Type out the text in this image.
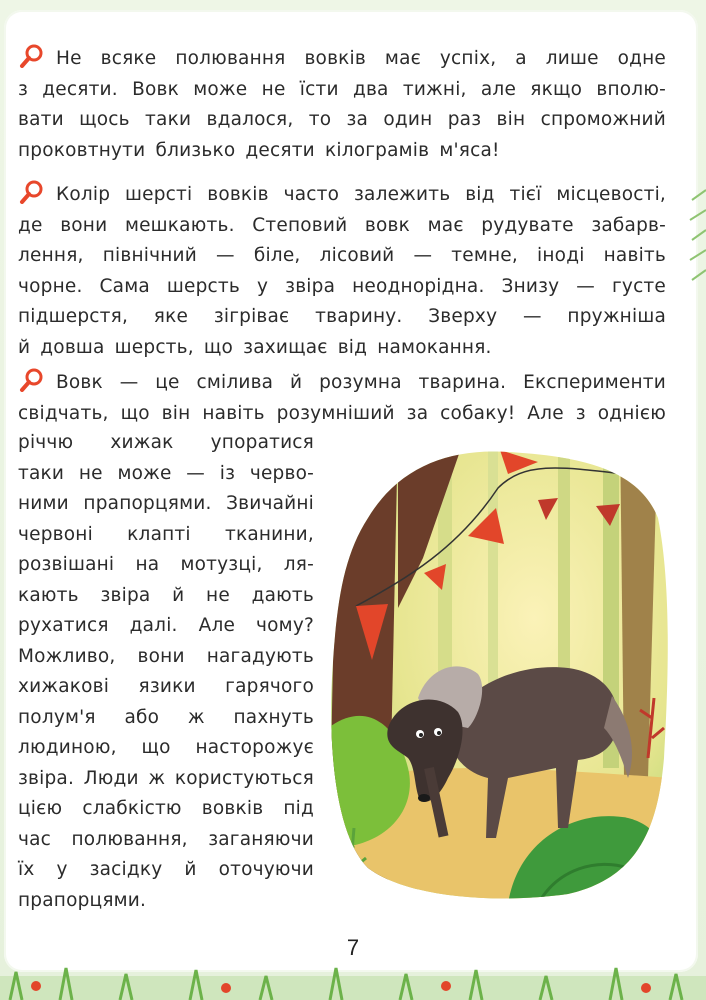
Не всяке полювання вовків має успіх, а лише одне
з десяти. Вовк може не їсти два тижні, але якщо вполю-
вати щось таки вдалося, то за один раз він спроможний
проковтнути близько десяти кілограмів м'яса!
Колір шерсті вовків часто залежить від тієї місцевості,
де вони мешкають. Степовий вовк має рудувате забарв-
лення, північний — біле, лісовий — темне, іноді навіть
чорне. Сама шерсть у звіра неоднорідна. Знизу — густе
підшерстя, яке зігріває тварину. Зверху — пружніша
й довша шерсть, що захищає від намокання.
Вовк — це смілива й розумна тварина. Експерименти
свідчать, що він навіть розумніший за собаку! Але з однією
річчю хижак упоратися
таки не може — із черво-
ними прапорцями. Звичайні
червоні клапті тканини,
розвішані на мотузці, ля-
кають звіра й не дають
рухатися далі. Але чому?
Можливо, вони нагадують
хижакові язики гарячого
полум'я або ж пахнуть
людиною, що насторожує
звіра. Люди ж користуються
цією слабкістю вовків під
час полювання, заганяючи
їх у засідку й оточуючи
прапорцями.
7
